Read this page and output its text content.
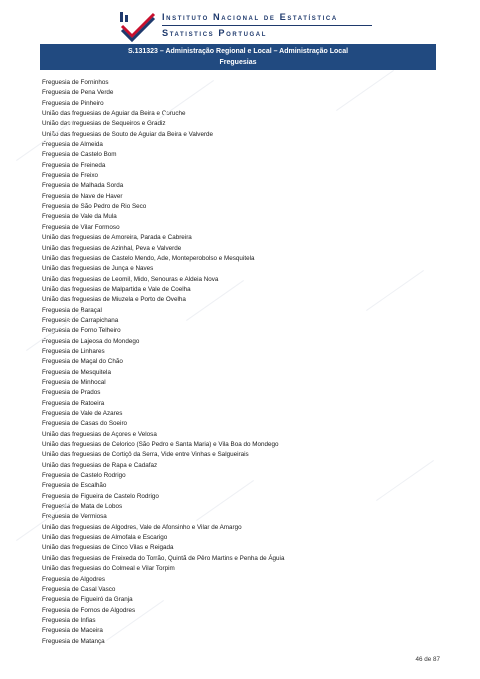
Instituto Nacional de Estatística
Statistics Portugal
S.131323 – Administração Regional e Local – Administração Local
Freguesias
Freguesia de Forninhos
Freguesia de Pena Verde
Freguesia de Pinheiro
União das freguesias de Aguiar da Beira e Coruche
União das freguesias de Sequeiros e Gradiz
União das freguesias de Souto de Aguiar da Beira e Valverde
Freguesia de Almeida
Freguesia de Castelo Bom
Freguesia de Freineda
Freguesia de Freixo
Freguesia de Malhada Sorda
Freguesia de Nave de Haver
Freguesia de São Pedro de Rio Seco
Freguesia de Vale da Mula
Freguesia de Vilar Formoso
União das freguesias de Amoreira, Parada e Cabreira
União das freguesias de Azinhal, Peva e Valverde
União das freguesias de Castelo Mendo, Ade, Monteperobolso e Mesquitela
União das freguesias de Junça e Naves
União das freguesias de Leomil, Mido, Senouras e Aldeia Nova
União das freguesias de Malpartida e Vale de Coelha
União das freguesias de Miuzela e Porto de Ovelha
Freguesia de Baraçal
Freguesia de Carrapichana
Freguesia de Forno Telheiro
Freguesia de Lajeosa do Mondego
Freguesia de Linhares
Freguesia de Maçal do Chão
Freguesia de Mesquitela
Freguesia de Minhocal
Freguesia de Prados
Freguesia de Ratoeira
Freguesia de Vale de Azares
Freguesia de Casas do Soeiro
União das freguesias de Açores e Velosa
União das freguesias de Celorico (São Pedro e Santa Maria) e Vila Boa do Mondego
União das freguesias de Cortiçô da Serra, Vide entre Vinhas e Salgueirais
União das freguesias de Rapa e Cadafaz
Freguesia de Castelo Rodrigo
Freguesia de Escalhão
Freguesia de Figueira de Castelo Rodrigo
Freguesia de Mata de Lobos
Freguesia de Vermiosa
União das freguesias de Algodres, Vale de Afonsinho e Vilar de Amargo
União das freguesias de Almofala e Escarigo
União das freguesias de Cinco Vilas e Reigada
União das freguesias de Freixeda do Torrão, Quintã de Pêro Martins e Penha de Águia
União das freguesias do Colmeal e Vilar Torpim
Freguesia de Algodres
Freguesia de Casal Vasco
Freguesia de Figueiró da Granja
Freguesia de Fornos de Algodres
Freguesia de Infias
Freguesia de Maceira
Freguesia de Matança
46 de 87
